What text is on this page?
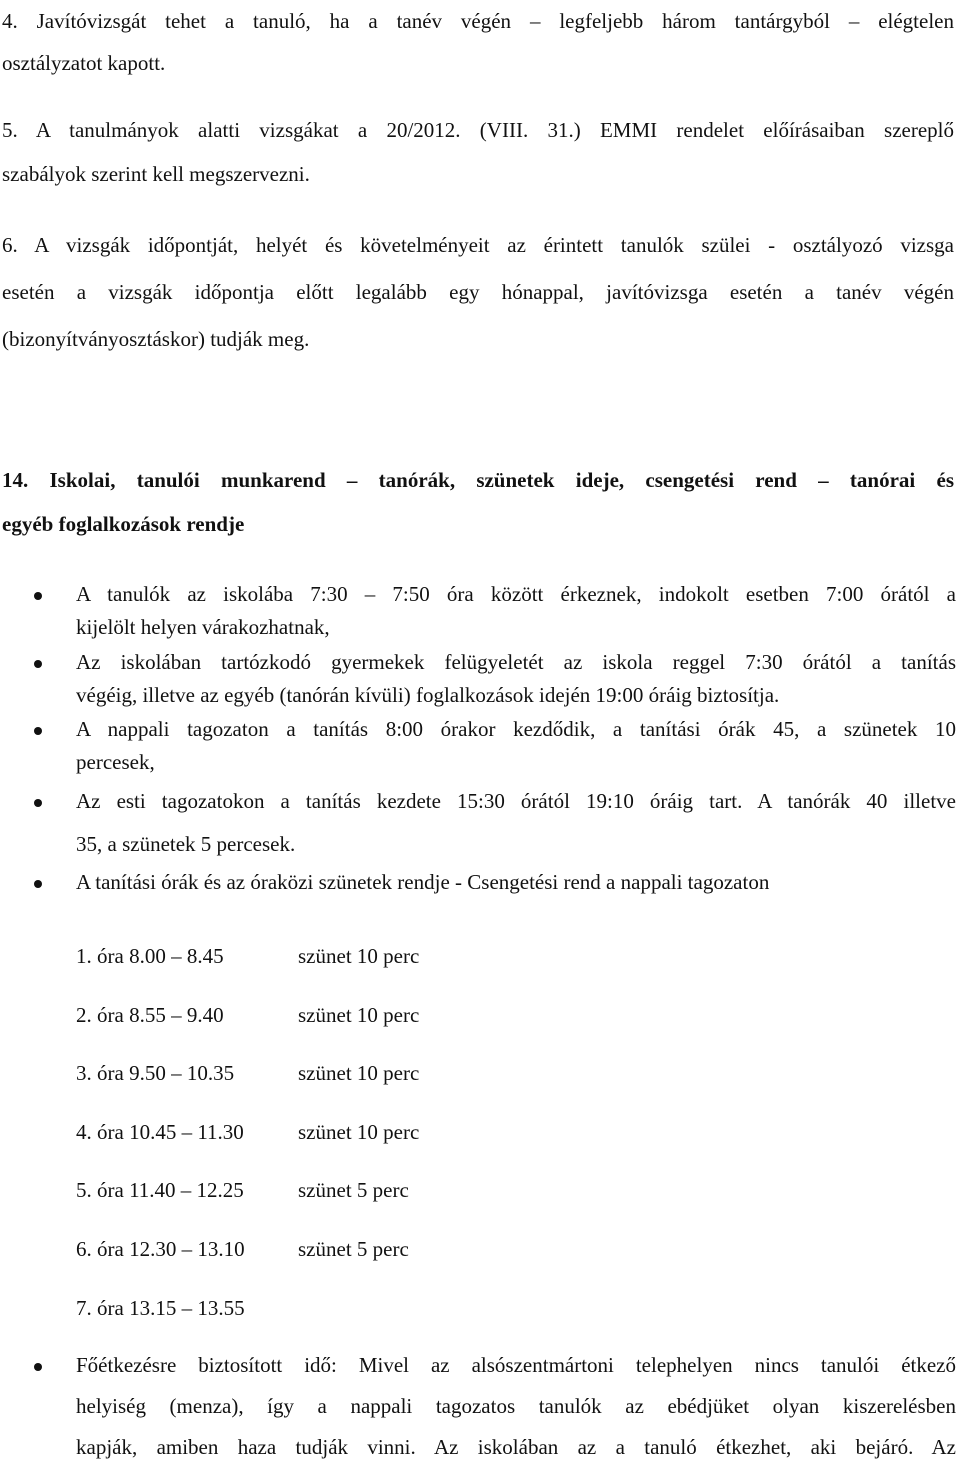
4. Javítóvizsgát tehet a tanuló, ha a tanév végén – legfeljebb három tantárgyból – elégtelen

osztályzatot kapott.

5. A tanulmányok alatti vizsgákat a 20/2012. (VIII. 31.) EMMI rendelet előírásaiban szereplő

szabályok szerint kell megszervezni.

6. A vizsgák időpontját, helyét és követelményeit az érintett tanulók szülei - osztályozó vizsga

esetén a vizsgák időpontja előtt legalább egy hónappal, javítóvizsga esetén a tanév végén

(bizonyítványosztáskor) tudják meg.

14. Iskolai, tanulói munkarend – tanórák, szünetek ideje, csengetési rend – tanórai és

egyéb foglalkozások rendje

A tanulók az iskolába 7:30 – 7:50 óra között érkeznek, indokolt esetben 7:00 órától a

kijelölt helyen várakozhatnak,

Az iskolában tartózkodó gyermekek felügyeletét az iskola reggel 7:30 órától a tanítás

végéig, illetve az egyéb (tanórán kívüli) foglalkozások idején 19:00 óráig biztosítja.

A nappali tagozaton a tanítás 8:00 órakor kezdődik, a tanítási órák 45, a szünetek 10

percesek,

Az esti tagozatokon a tanítás kezdete 15:30 órától 19:10 óráig tart. A tanórák 40 illetve

35, a szünetek 5 percesek.

A tanítási órák és az óraközi szünetek rendje - Csengetési rend a nappali tagozaton

1. óra 8.00 – 8.45	szünet 10 perc
2. óra 8.55 – 9.40	szünet 10 perc
3. óra 9.50 – 10.35	szünet 10 perc
4. óra 10.45 – 11.30	szünet 10 perc
5. óra 11.40 – 12.25	szünet 5 perc
6. óra 12.30 – 13.10	szünet 5 perc
7. óra 13.15 – 13.55

Főétkezésre biztosított idő: Mivel az alsószentmártoni telephelyen nincs tanulói étkező

helyiség (menza), így a nappali tagozatos tanulók az ebédjüket olyan kiszerelésben

kapják, amiben haza tudják vinni. Az iskolában az a tanuló étkezhet, aki bejáró. Az
